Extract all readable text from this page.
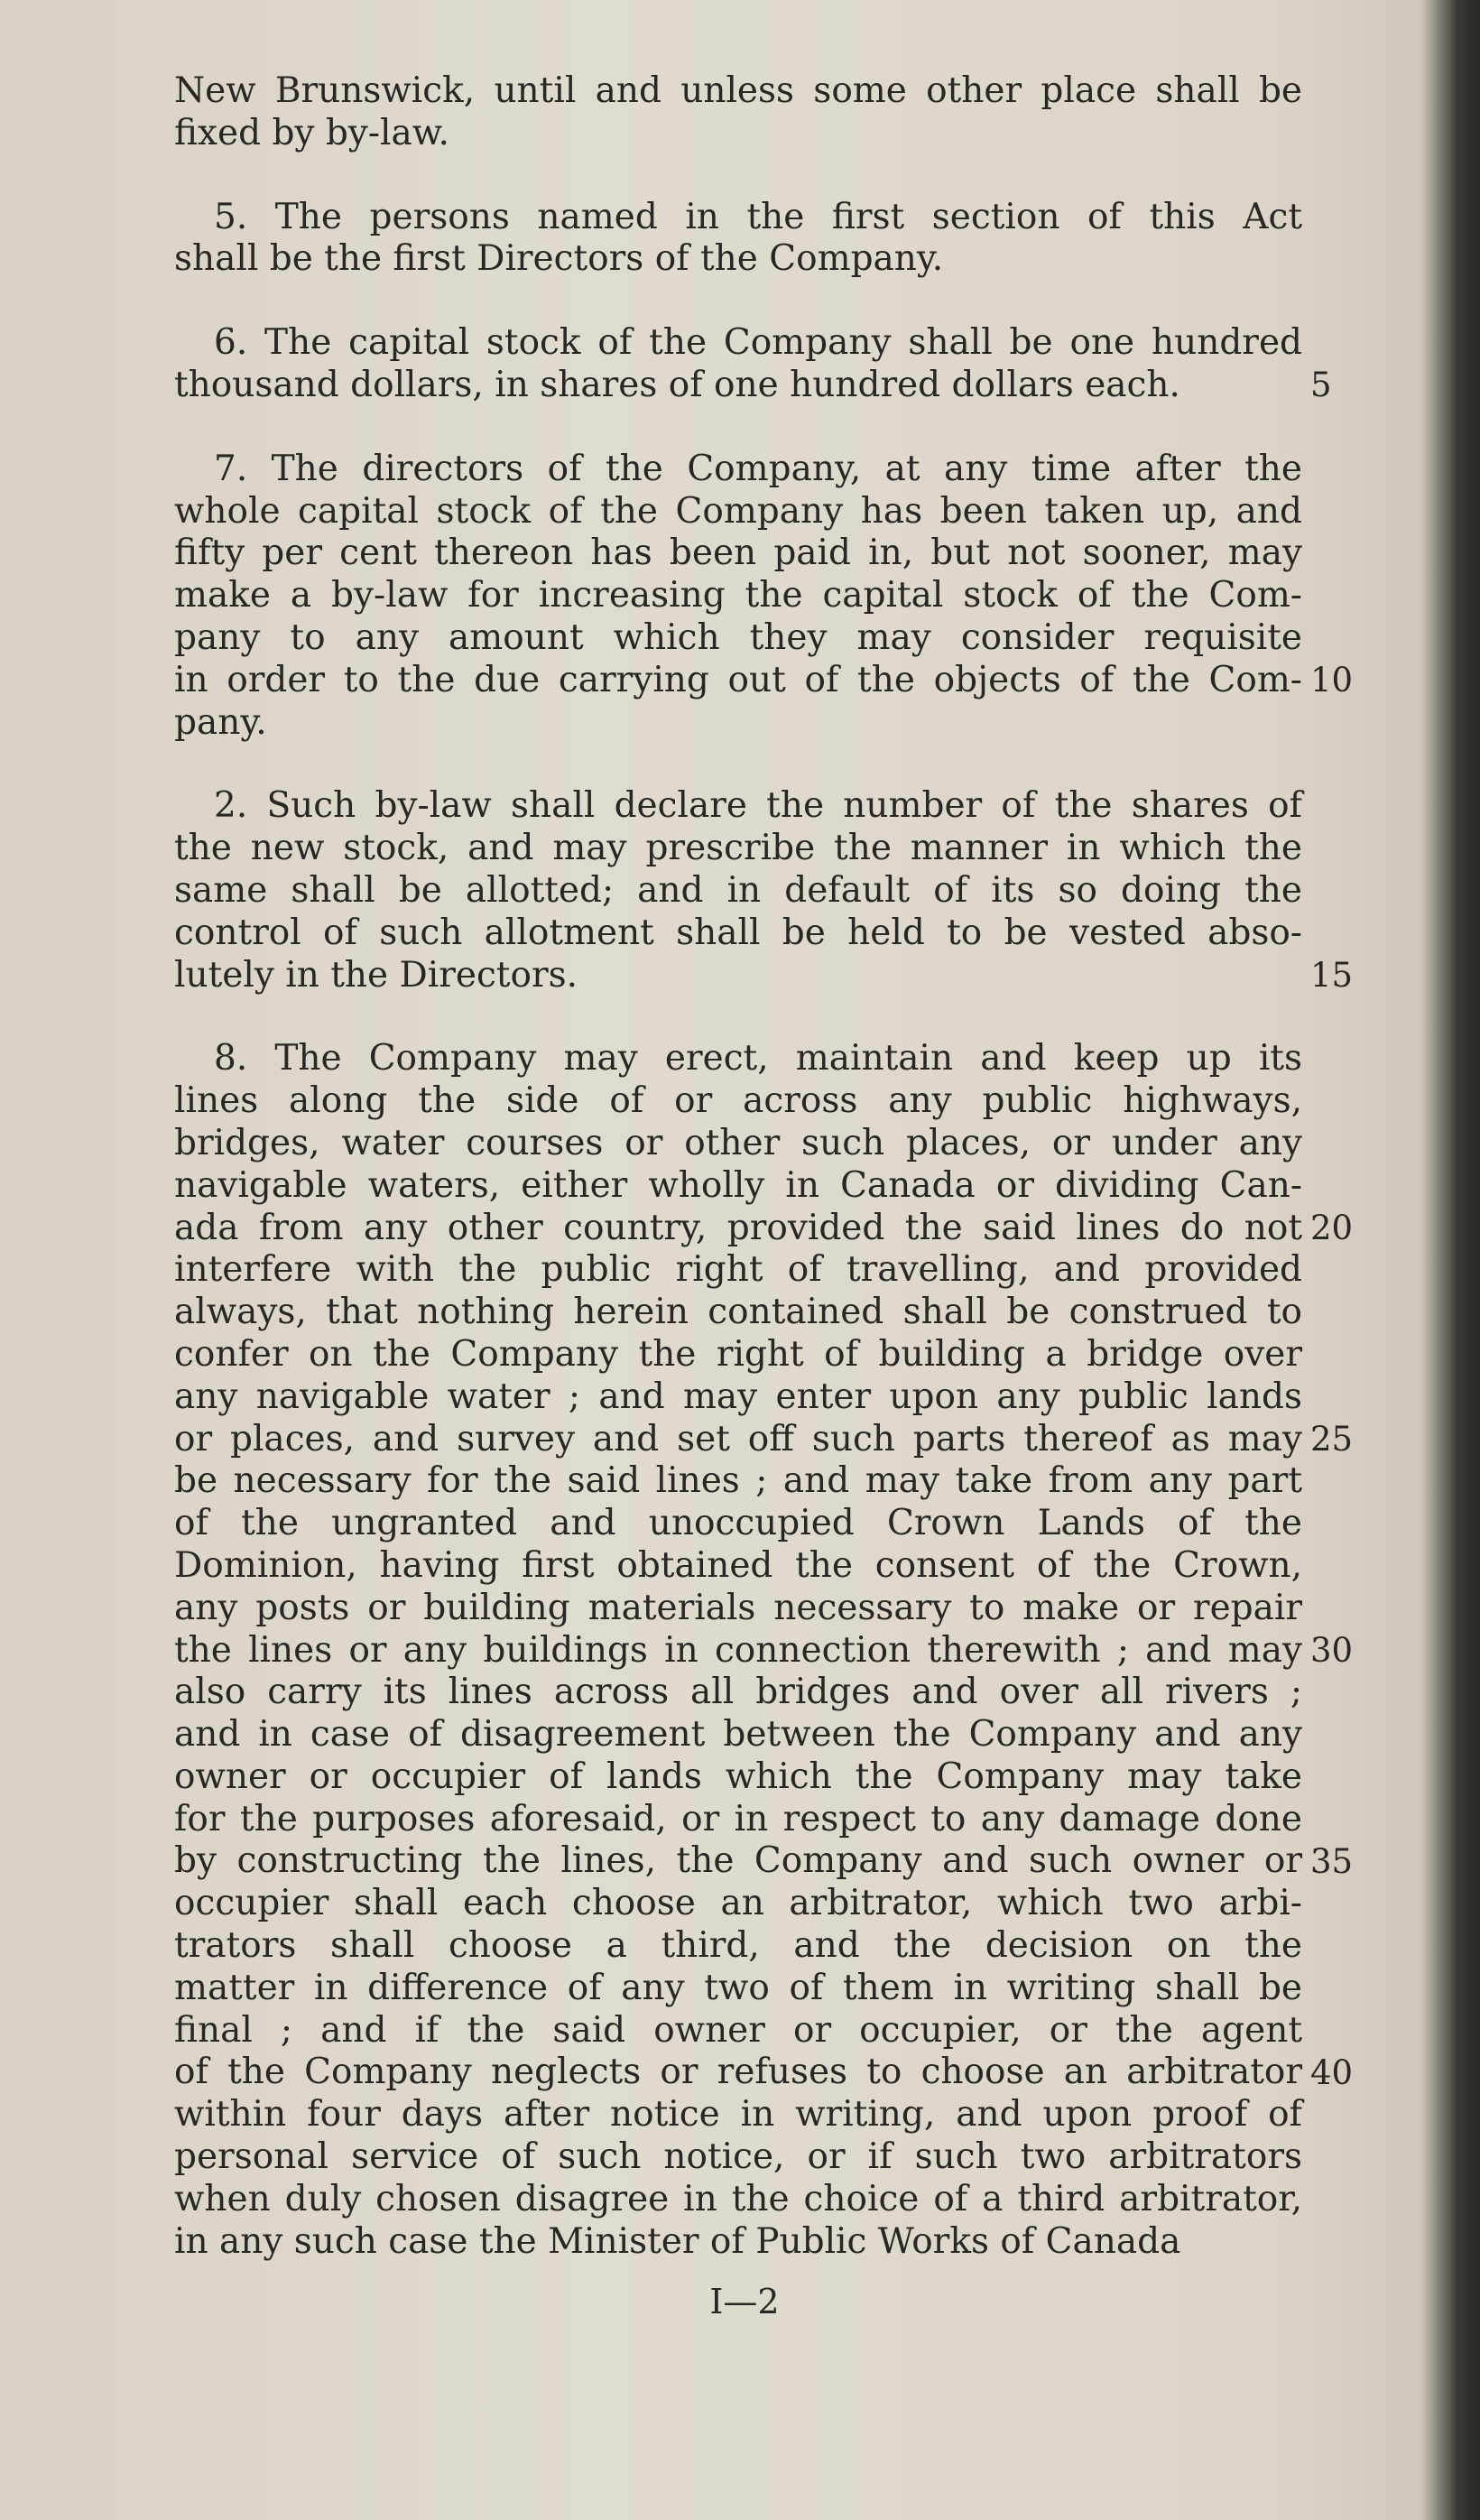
New Brunswick, until and unless some other place shall be
fixed by by-law.
5. The persons named in the first section of this Act
shall be the first Directors of the Company.
6. The capital stock of the Company shall be one hundred
thousand dollars, in shares of one hundred dollars each.
7. The directors of the Company, at any time after the
whole capital stock of the Company has been taken up, and
fifty per cent thereon has been paid in, but not sooner, may
make a by-law for increasing the capital stock of the Com-
pany to any amount which they may consider requisite
in order to the due carrying out of the objects of the Com-
pany.
2. Such by-law shall declare the number of the shares of
the new stock, and may prescribe the manner in which the
same shall be allotted; and in default of its so doing the
control of such allotment shall be held to be vested abso-
lutely in the Directors.
8. The Company may erect, maintain and keep up its
lines along the side of or across any public highways,
bridges, water courses or other such places, or under any
navigable waters, either wholly in Canada or dividing Can-
ada from any other country, provided the said lines do not
interfere with the public right of travelling, and provided
always, that nothing herein contained shall be construed to
confer on the Company the right of building a bridge over
any navigable water ; and may enter upon any public lands
or places, and survey and set off such parts thereof as may
be necessary for the said lines ; and may take from any part
of the ungranted and unoccupied Crown Lands of the
Dominion, having first obtained the consent of the Crown,
any posts or building materials necessary to make or repair
the lines or any buildings in connection therewith ; and may
also carry its lines across all bridges and over all rivers ;
and in case of disagreement between the Company and any
owner or occupier of lands which the Company may take
for the purposes aforesaid, or in respect to any damage done
by constructing the lines, the Company and such owner or
occupier shall each choose an arbitrator, which two arbi-
trators shall choose a third, and the decision on the
matter in difference of any two of them in writing shall be
final ; and if the said owner or occupier, or the agent
of the Company neglects or refuses to choose an arbitrator
within four days after notice in writing, and upon proof of
personal service of such notice, or if such two arbitrators
when duly chosen disagree in the choice of a third arbitrator,
in any such case the Minister of Public Works of Canada
5
10
15
20
25
30
35
40
I—2
